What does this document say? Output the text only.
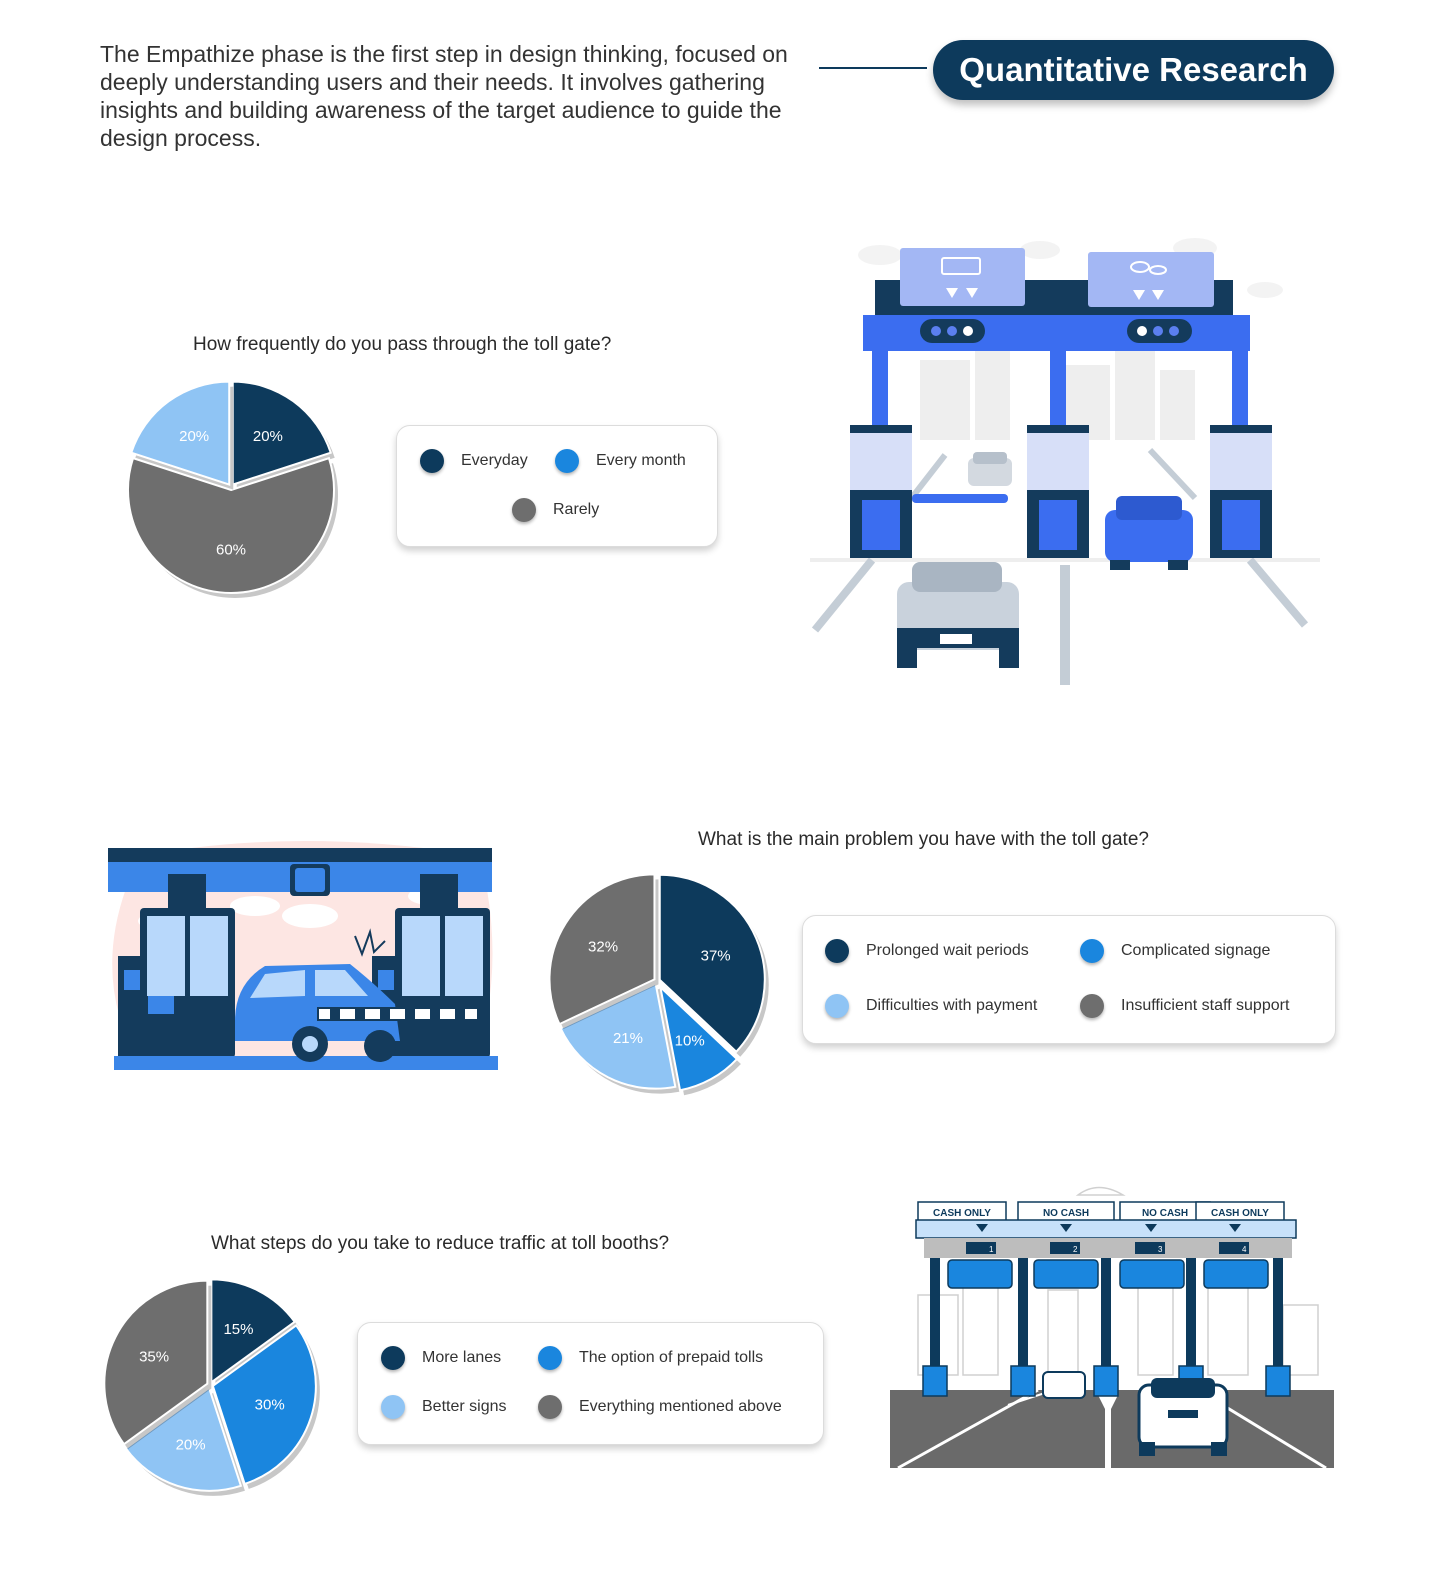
The Empathize phase is the first step in design thinking, focused on deeply understanding users and their needs. It involves gathering insights and building awareness of the target audience to guide the design process.

Quantitative Research
How frequently do you pass through the toll gate?
20%
60%
20%
Everyday	Every month
Rarely
What is the main problem you have with the toll gate?
37%
10%
21%
32%	Prolonged wait periods	Complicated signage
Difficulties with payment	Insufficient staff support
What steps do you take to reduce traffic at toll booths?
15%
30%
20%
35%	More lanes	The option of prepaid tolls
Better signs	Everything mentioned above
CASH ONLY	NO CASH	NO CASH CASH ONLY
1	2	3	4
